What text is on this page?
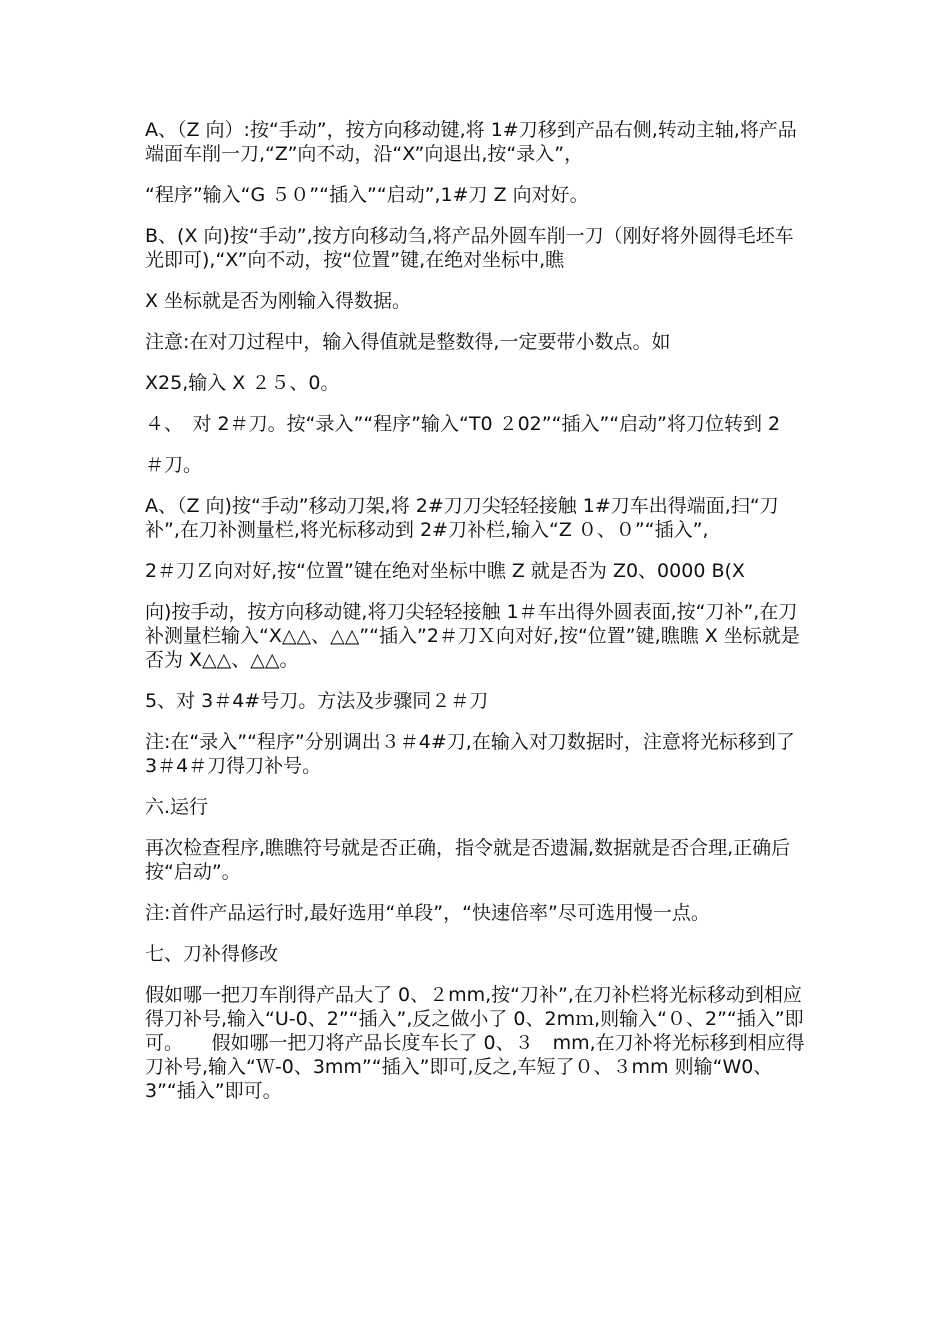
A、（Z 向）:按“手动”，按方向移动键,将 1#刀移到产品右侧,转动主轴,将产品端面车削一刀,“Z”向不动，沿“X”向退出,按“录入”，

“程序”输入“G ５０”“插入”“启动”,1#刀 Z 向对好。

B、(X 向)按“手动”,按方向移动刍,将产品外圆车削一刀（刚好将外圆得毛坯车光即可),“X”向不动，按“位置”键,在绝对坐标中,瞧

X 坐标就是否为刚输入得数据。

注意:在对刀过程中，输入得值就是整数得,一定要带小数点。如

X25,输入 X ２５、0。

４、　对 2＃刀。按“录入”“程序”输入“T0 ２02”“插入”“启动”将刀位转到 2

＃刀。

A、（Z 向)按“手动”移动刀架,将 2#刀刀尖轻轻接触 1#刀车出得端面,扫“刀补”,在刀补测量栏,将光标移动到 2#刀补栏,输入“Z ０、０”“插入”,

2＃刀Ｚ向对好,按“位置”键在绝对坐标中瞧 Z 就是否为 Z0、0000 B(X

向)按手动，按方向移动键,将刀尖轻轻接触 1＃车出得外圆表面,按“刀补”,在刀补测量栏输入“X△△、△△”“插入”2＃刀Ｘ向对好,按“位置”键,瞧瞧 X 坐标就是否为 X△△、△△。

5、对 3＃4#号刀。方法及步骤同２＃刀

注:在“录入”“程序”分别调出３＃4#刀,在输入对刀数据时，注意将光标移到了 3＃4＃刀得刀补号。

六.运行

再次检查程序,瞧瞧符号就是否正确，指令就是否遗漏,数据就是否合理,正确后按“启动”。

注:首件产品运行时,最好选用“单段”，“快速倍率”尽可选用慢一点。

七、刀补得修改

假如哪一把刀车削得产品大了 0、２mm,按“刀补”,在刀补栏将光标移动到相应得刀补号,输入“U-0、2”“插入”,反之做小了 0、2mｍ,则输入“０、2”“插入”即可。　　假如哪一把刀将产品长度车长了 0、３　mm,在刀补将光标移到相应得刀补号,输入“Ｗ-0、3mm”“插入”即可,反之,车短了０、３mm 则输“W0、3”“插入”即可。
